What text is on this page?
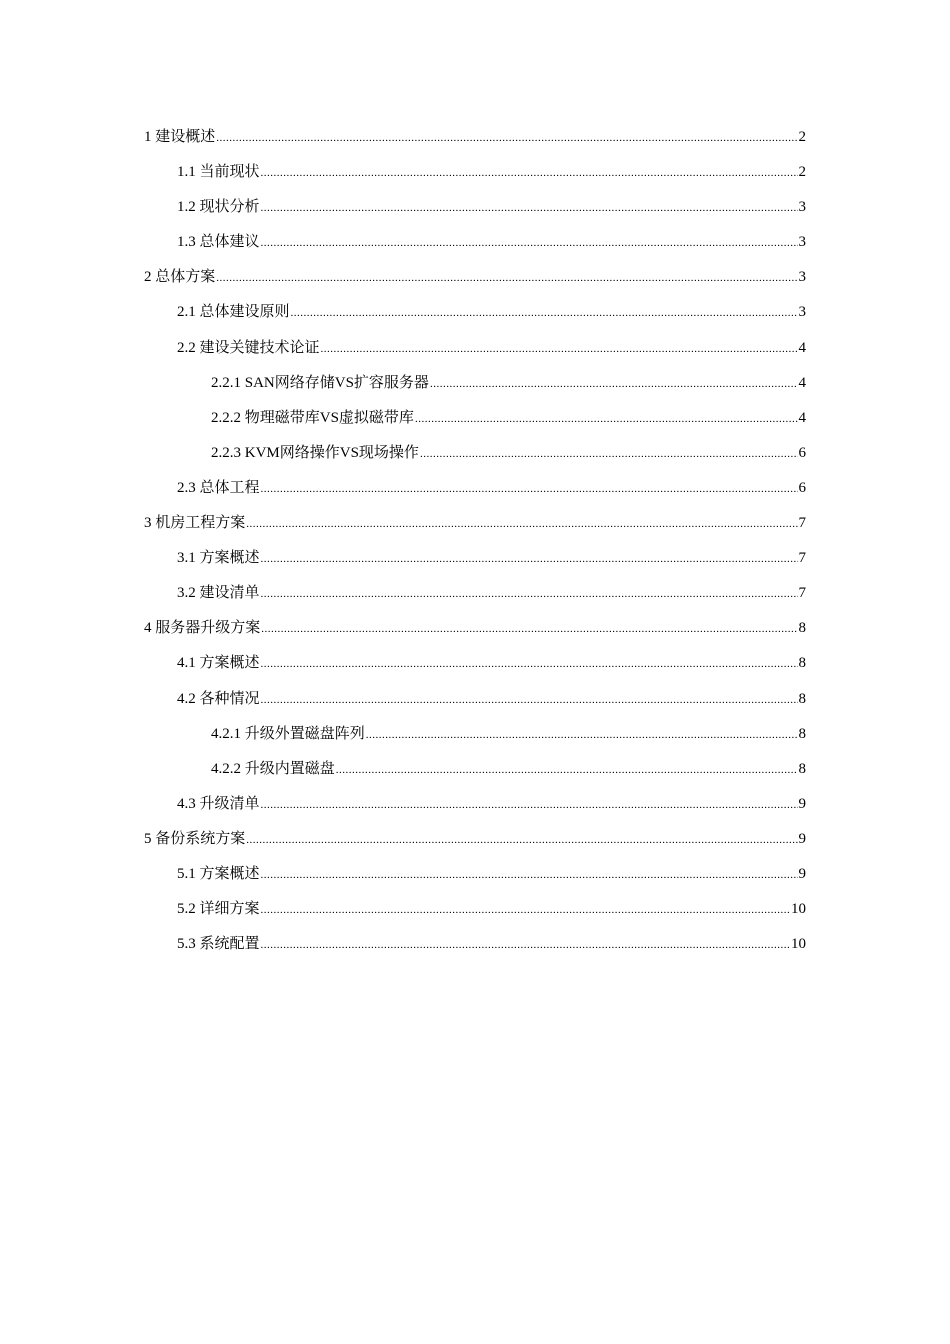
1 建设概述 .....	2
1.1 当前现状 .....	2
1.2 现状分析 .....	3
1.3 总体建议 .....	3
2 总体方案 .....	3
2.1 总体建设原则 .....	3
2.2 建设关键技术论证 .....	4
2.2.1 SAN网络存储VS扩容服务器 .....	4
2.2.2 物理磁带库VS虚拟磁带库 .....	4
2.2.3 KVM网络操作VS现场操作 .....	6
2.3 总体工程 .....	6
3 机房工程方案 .....	7
3.1 方案概述 .....	7
3.2 建设清单 .....	7
4 服务器升级方案 .....	8
4.1 方案概述 .....	8
4.2 各种情况 .....	8
4.2.1 升级外置磁盘阵列 .....	8
4.2.2 升级内置磁盘 .....	8
4.3 升级清单 .....	9
5 备份系统方案 .....	9
5.1 方案概述 .....	9
5.2 详细方案 .....	10
5.3 系统配置 .....	10
